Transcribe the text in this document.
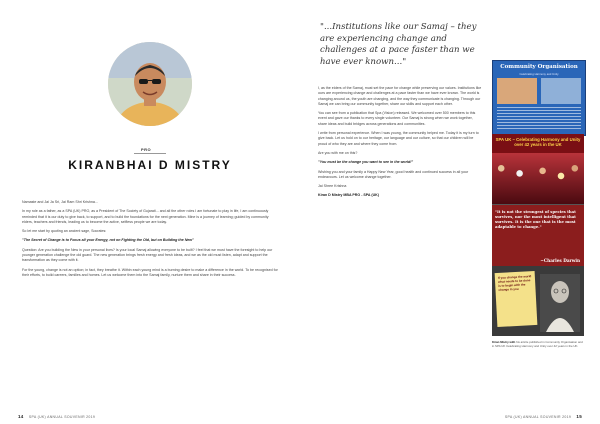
PRO
KIRANBHAI D MISTRY

Namaste and Jai Ja Sri, Jai Ram Shri Krishna...

In my role as a father, as a SPA (UK) PRO, as a President of The Society of Gujarati... and all the other roles I am fortunate to play in life, I am continuously reminded that it is our duty to give back, to support, and to build the foundations for the next generation. Mine is a journey of learning; guided by community elders, teachers and friends, leading us to become the active, selfless people we are today.

So let me start by quoting an ancient sage, Socrates:

"The Secret of Change is to Focus all your Energy, not on Fighting the Old, but on Building the New"

Question: Are you building the New in your personal lives? Is your local Samaj allowing everyone to be built? I feel that we must have the foresight to help our younger generation challenge the old guard. The new generation brings fresh energy and fresh ideas, and we as the old must listen, adapt and support the transformation as they come with it.

For the young, change is not an option; in fact, they breathe it. Within each young mind is a burning desire to make a difference in the world. To be recognised for their efforts, to build careers, families and homes. Let us welcome them into the Samaj family, nurture them and share in their success.

14 SPA (UK) ANNUAL SOUVENIR 2019
"...Institutions like our Samaj – they are experiencing change and challenges at a pace faster than we have ever known..."

I, as the elders of the Samaj, must set the pace for change while preserving our values. Institutions like ours are experiencing change and challenges at a pace faster than we have ever known. The world is changing around us, the youth are changing, and the way they communicate is changing. Through our Samaj we can bring our community together, share our skills and support each other.

You can see from a publication that Spa (Vision) released. We welcomed over 500 members to this event and gave our thanks to every single volunteer. Our Samaj is strong when we work together, share ideas and build bridges across generations and communities.

I write from personal experience. When I was young, the community helped me. Today it is my turn to give back. Let us hold on to our heritage, our language and our culture, so that our children will be proud of who they are and where they come from.

Are you with me on this?

"You must be the change you want to see in the world!"

Wishing you and your family a Happy New Year, good health and continued success in all your endeavours. Let us welcome change together.

Jai Shree Krishna

Kiran D Mistry MBA PRO - SPA (UK)

Community Organisation
Celebrating Harmony and Unity
SPA UK – Celebrating Harmony and Unity over 42 years in the UK
"It is not the strongest of species that survives, nor the most intelligent that survives. It is the one that is the most adaptable to change."
~Charles Darwin
If you change the world what needs to be done is to begin with the change in you
Kiran Mistry with his article published in Community Organisation and in SPA UK Celebrating Harmony and Unity over 42 years in the UK.
SPA (UK) ANNUAL SOUVENIR 2019 15
